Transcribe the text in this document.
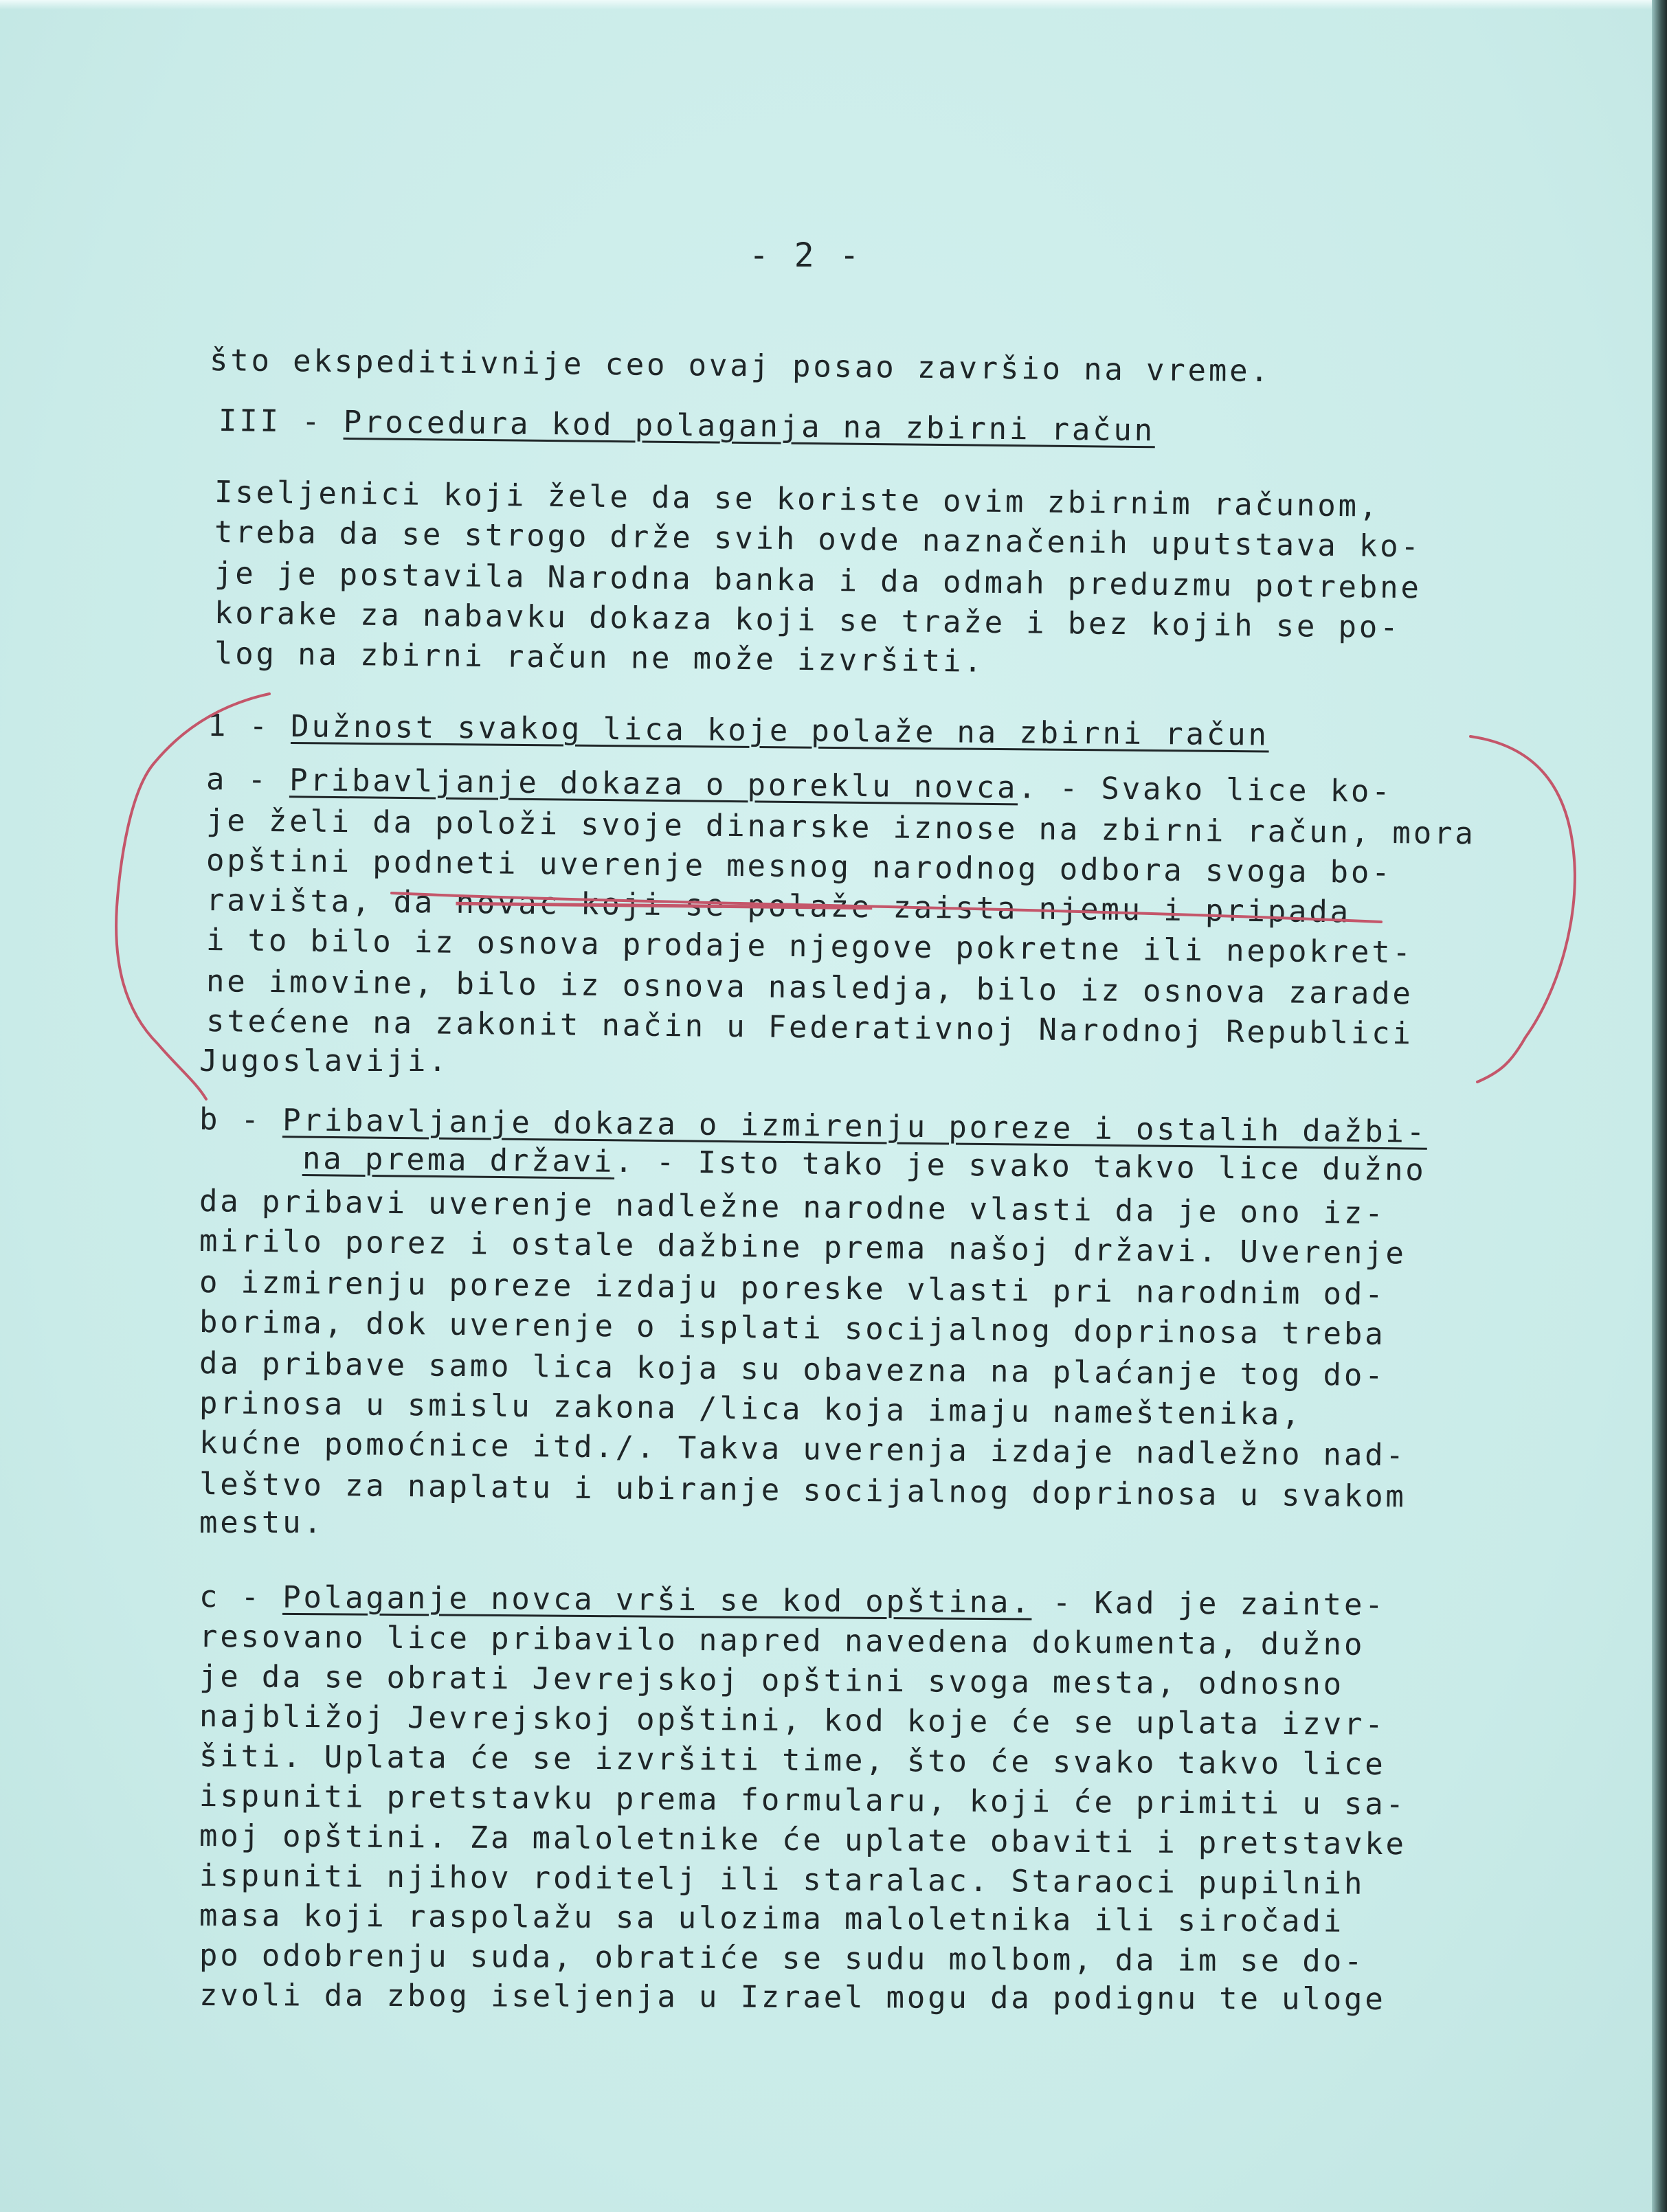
- 2 -

što ekspeditivnije ceo ovaj posao završio na vreme.
III - Procedura kod polaganja na zbirni račun
Iseljenici koji žele da se koriste ovim zbirnim računom,
treba da se strogo drže svih ovde naznačenih uputstava ko-
je je postavila Narodna banka i da odmah preduzmu potrebne
korake za nabavku dokaza koji se traže i bez kojih se po-
log na zbirni račun ne može izvršiti.
1 - Dužnost svakog lica koje polaže na zbirni račun
a - Pribavljanje dokaza o poreklu novca. - Svako lice ko-
je želi da položi svoje dinarske iznose na zbirni račun, mora
opštini podneti uverenje mesnog narodnog odbora svoga bo-
ravišta, da novac koji se polaže zaista njemu i pripada
i to bilo iz osnova prodaje njegove pokretne ili nepokret-
ne imovine, bilo iz osnova nasledja, bilo iz osnova zarade
stećene na zakonit način u Federativnoj Narodnoj Republici
Jugoslaviji.
b - Pribavljanje dokaza o izmirenju poreze i ostalih dažbi-
na prema državi. - Isto tako je svako takvo lice dužno
da pribavi uverenje nadležne narodne vlasti da je ono iz-
mirilo porez i ostale dažbine prema našoj državi. Uverenje
o izmirenju poreze izdaju poreske vlasti pri narodnim od-
borima, dok uverenje o isplati socijalnog doprinosa treba
da pribave samo lica koja su obavezna na plaćanje tog do-
prinosa u smislu zakona /lica koja imaju nameštenika,
kućne pomoćnice itd./. Takva uverenja izdaje nadležno nad-
leštvo za naplatu i ubiranje socijalnog doprinosa u svakom
mestu.
c - Polaganje novca vrši se kod opština. - Kad je zainte-
resovano lice pribavilo napred navedena dokumenta, dužno
je da se obrati Jevrejskoj opštini svoga mesta, odnosno
najbližoj Jevrejskoj opštini, kod koje će se uplata izvr-
šiti. Uplata će se izvršiti time, što će svako takvo lice
ispuniti pretstavku prema formularu, koji će primiti u sa-
moj opštini. Za maloletnike će uplate obaviti i pretstavke
ispuniti njihov roditelj ili staralac. Staraoci pupilnih
masa koji raspolažu sa ulozima maloletnika ili siročadi
po odobrenju suda, obratiće se sudu molbom, da im se do-
zvoli da zbog iseljenja u Izrael mogu da podignu te uloge
